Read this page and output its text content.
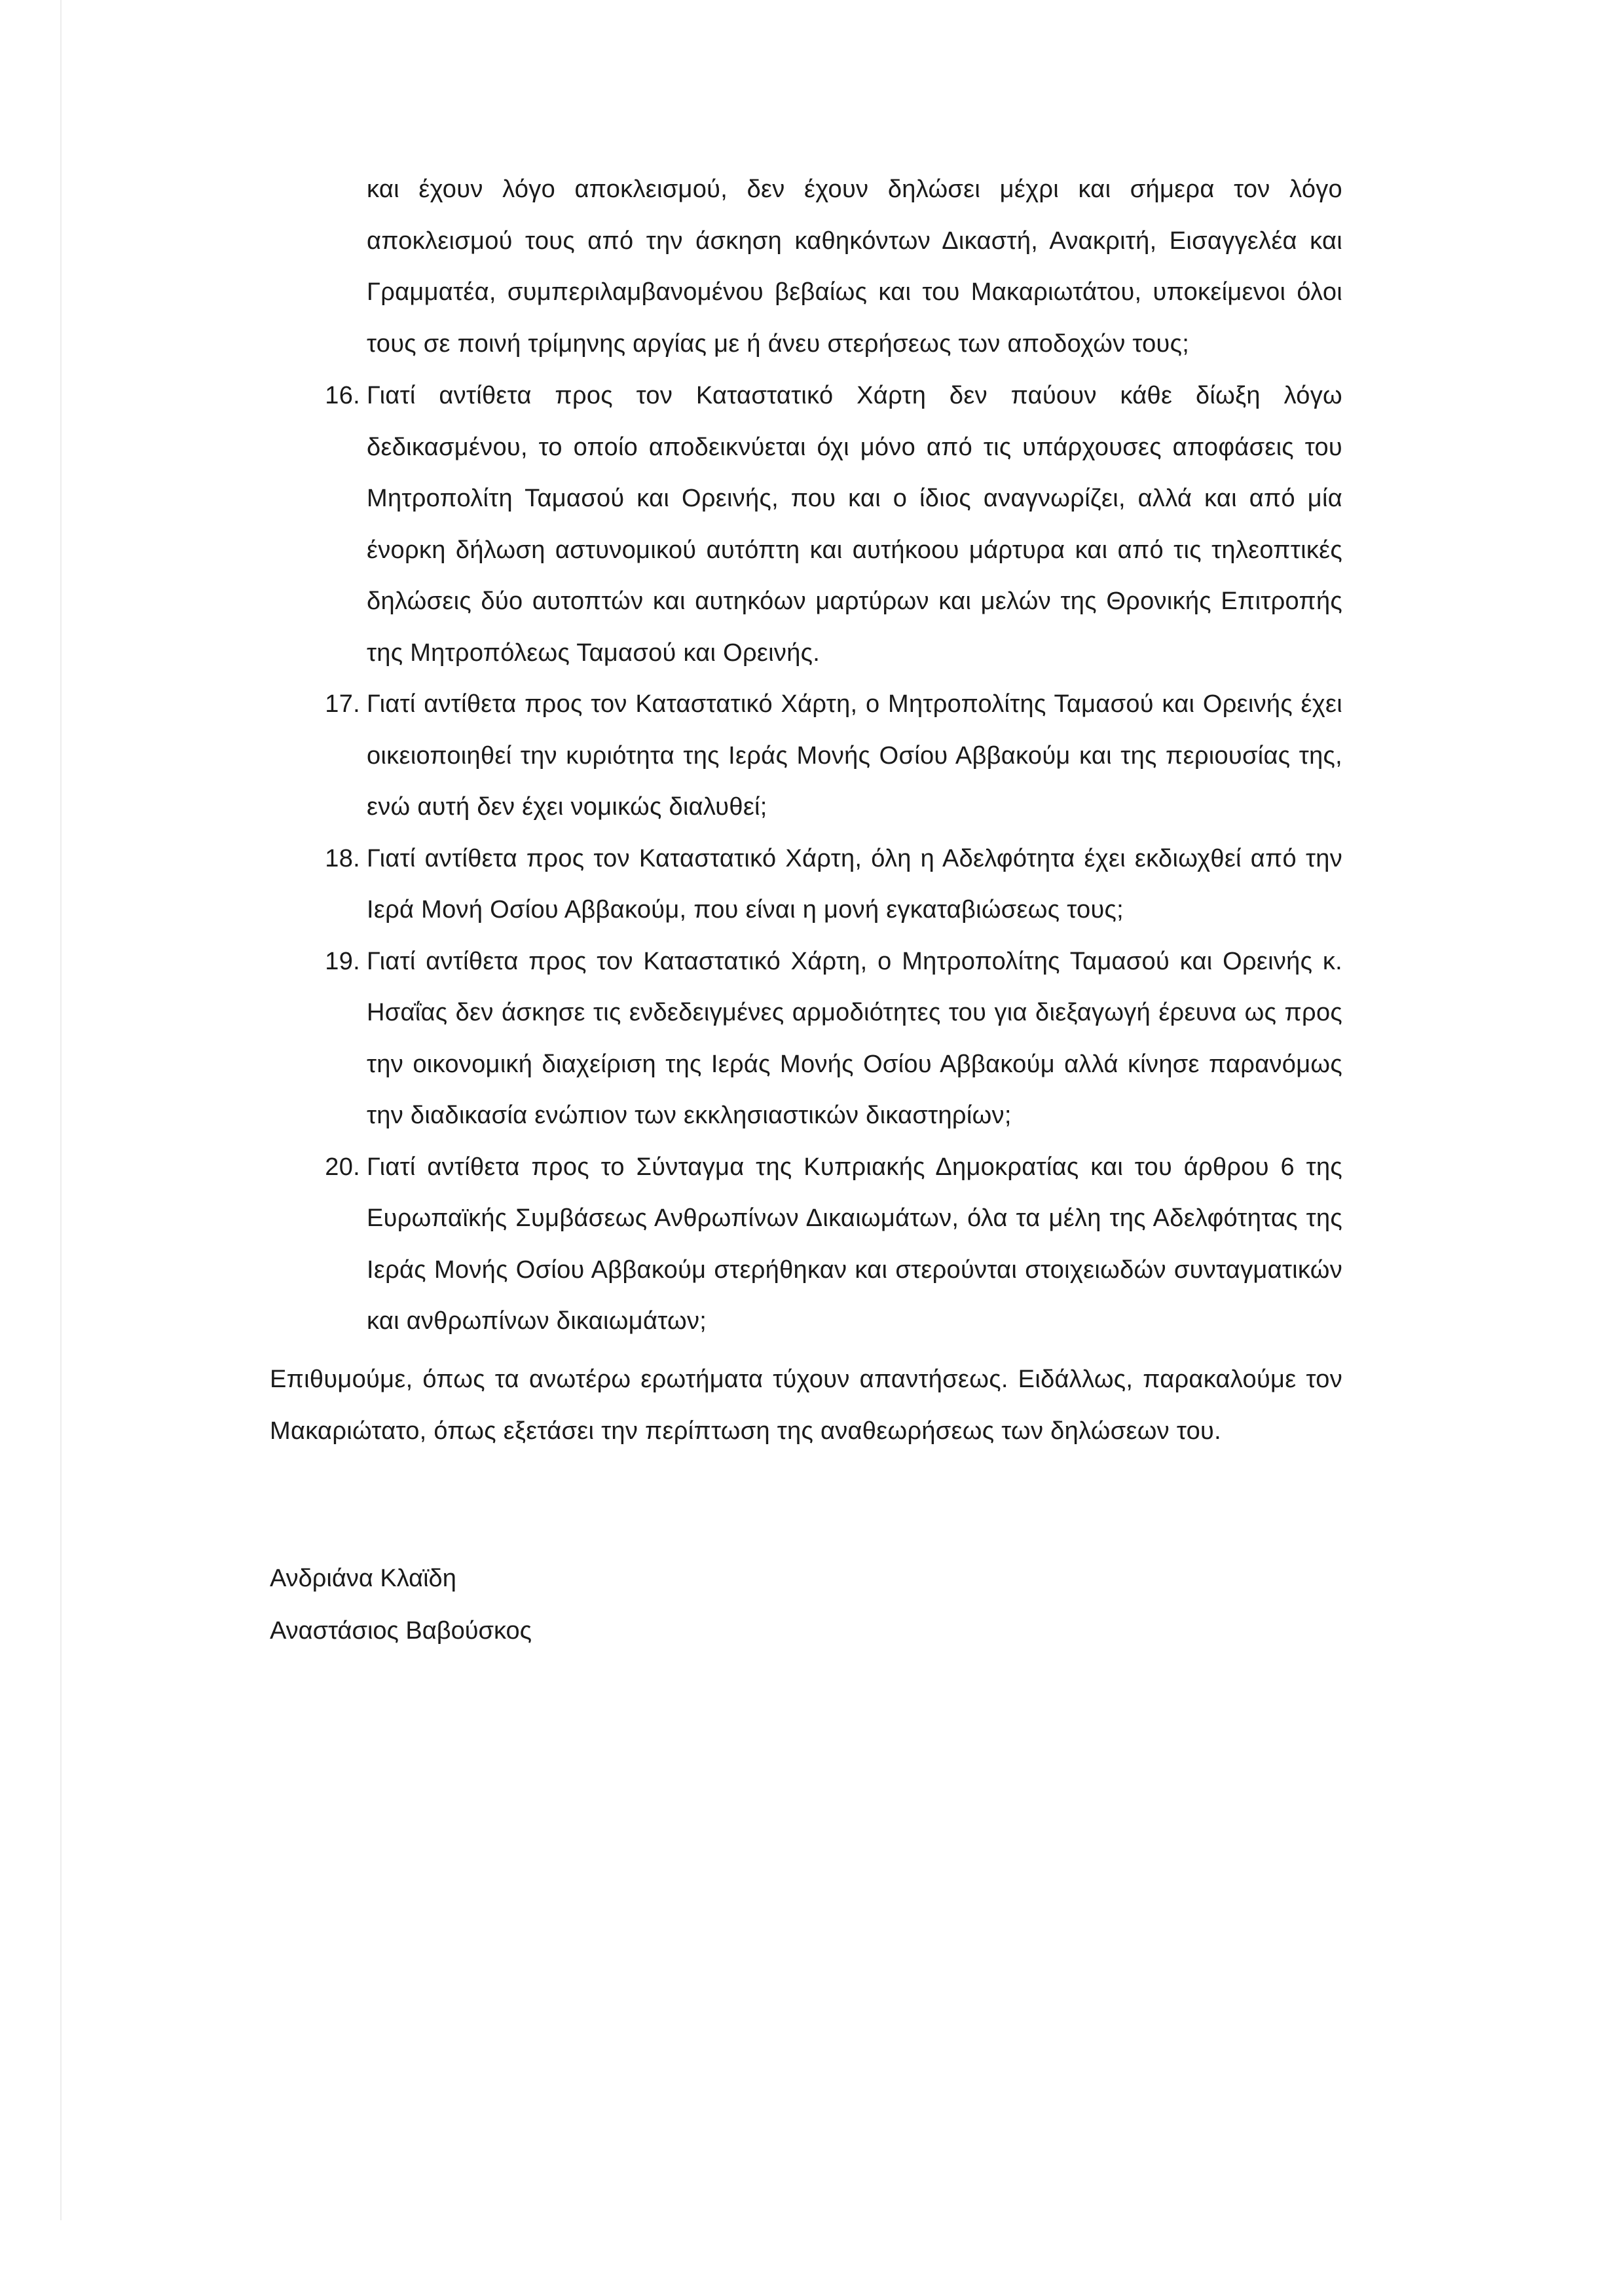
και έχουν λόγο αποκλεισμού, δεν έχουν δηλώσει μέχρι και σήμερα τον λόγο αποκλεισμού τους από την άσκηση καθηκόντων Δικαστή, Ανακριτή, Εισαγγελέα και Γραμματέα, συμπεριλαμβανομένου βεβαίως και του Μακαριωτάτου, υποκείμενοι όλοι τους σε ποινή τρίμηνης αργίας με ή άνευ στερήσεως των αποδοχών τους;

16. Γιατί αντίθετα προς τον Καταστατικό Χάρτη δεν παύουν κάθε δίωξη λόγω δεδικασμένου, το οποίο αποδεικνύεται όχι μόνο από τις υπάρχουσες αποφάσεις του Μητροπολίτη Ταμασού και Ορεινής, που και ο ίδιος αναγνωρίζει, αλλά και από μία ένορκη δήλωση αστυνομικού αυτόπτη και αυτήκοου μάρτυρα και από τις τηλεοπτικές δηλώσεις δύο αυτοπτών και αυτηκόων μαρτύρων και μελών της Θρονικής Επιτροπής της Μητροπόλεως Ταμασού και Ορεινής.
17. Γιατί αντίθετα προς τον Καταστατικό Χάρτη, ο Μητροπολίτης Ταμασού και Ορεινής έχει οικειοποιηθεί την κυριότητα της Ιεράς Μονής Οσίου Αββακούμ και της περιουσίας της, ενώ αυτή δεν έχει νομικώς διαλυθεί;
18. Γιατί αντίθετα προς τον Καταστατικό Χάρτη, όλη η Αδελφότητα έχει εκδιωχθεί από την Ιερά Μονή Οσίου Αββακούμ, που είναι η μονή εγκαταβιώσεως τους;
19. Γιατί αντίθετα προς τον Καταστατικό Χάρτη, ο Μητροπολίτης Ταμασού και Ορεινής κ. Ησαΐας δεν άσκησε τις ενδεδειγμένες αρμοδιότητες του για διεξαγωγή έρευνα ως προς την οικονομική διαχείριση της Ιεράς Μονής Οσίου Αββακούμ αλλά κίνησε παρανόμως την διαδικασία ενώπιον των εκκλησιαστικών δικαστηρίων;
20. Γιατί αντίθετα προς το Σύνταγμα της Κυπριακής Δημοκρατίας και του άρθρου 6 της Ευρωπαϊκής Συμβάσεως Ανθρωπίνων Δικαιωμάτων, όλα τα μέλη της Αδελφότητας της Ιεράς Μονής Οσίου Αββακούμ στερήθηκαν και στερούνται στοιχειωδών συνταγματικών και ανθρωπίνων δικαιωμάτων;

Επιθυμούμε, όπως τα ανωτέρω ερωτήματα τύχουν απαντήσεως. Ειδάλλως, παρακαλούμε τον Μακαριώτατο, όπως εξετάσει την περίπτωση της αναθεωρήσεως των δηλώσεων του.

Ανδριάνα Κλαϊδη
Αναστάσιος Βαβούσκος
